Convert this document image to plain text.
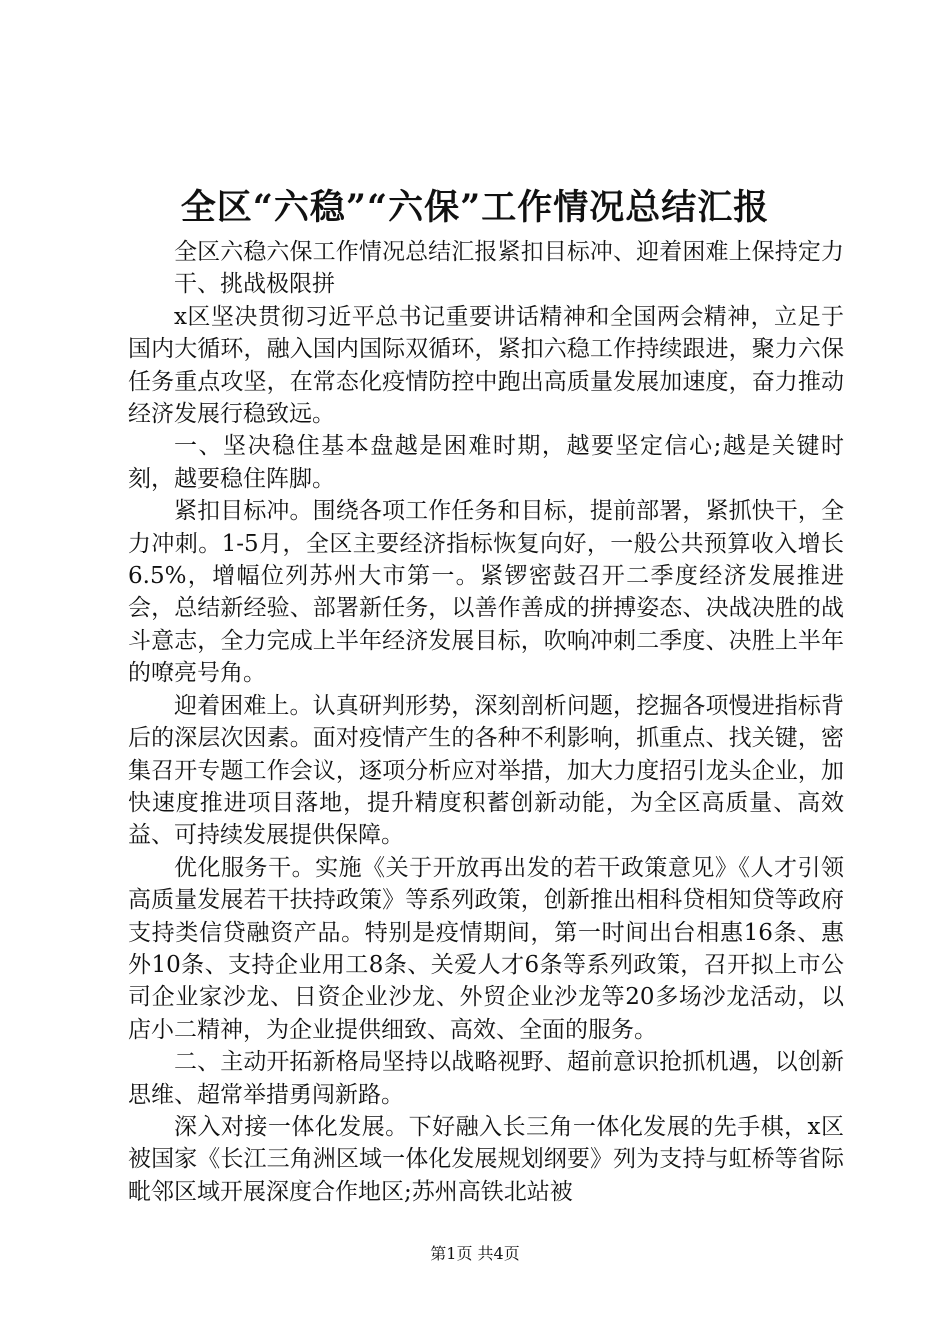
全区“六稳”“六保”工作情况总结汇报

全区六稳六保工作情况总结汇报紧扣目标冲、迎着困难上保持定力干、挑战极限拼

x区坚决贯彻习近平总书记重要讲话精神和全国两会精神，立足于国内大循环，融入国内国际双循环，紧扣六稳工作持续跟进，聚力六保任务重点攻坚，在常态化疫情防控中跑出高质量发展加速度，奋力推动经济发展行稳致远。

一、坚决稳住基本盘越是困难时期，越要坚定信心;越是关键时刻，越要稳住阵脚。

紧扣目标冲。围绕各项工作任务和目标，提前部署，紧抓快干，全力冲刺。1-5月，全区主要经济指标恢复向好，一般公共预算收入增长6.5%，增幅位列苏州大市第一。紧锣密鼓召开二季度经济发展推进会，总结新经验、部署新任务，以善作善成的拼搏姿态、决战决胜的战斗意志，全力完成上半年经济发展目标，吹响冲刺二季度、决胜上半年的嘹亮号角。

迎着困难上。认真研判形势，深刻剖析问题，挖掘各项慢进指标背后的深层次因素。面对疫情产生的各种不利影响，抓重点、找关键，密集召开专题工作会议，逐项分析应对举措，加大力度招引龙头企业，加快速度推进项目落地，提升精度积蓄创新动能，为全区高质量、高效益、可持续发展提供保障。

优化服务干。实施《关于开放再出发的若干政策意见》《人才引领高质量发展若干扶持政策》等系列政策，创新推出相科贷相知贷等政府支持类信贷融资产品。特别是疫情期间，第一时间出台相惠16条、惠外10条、支持企业用工8条、关爱人才6条等系列政策，召开拟上市公司企业家沙龙、日资企业沙龙、外贸企业沙龙等20多场沙龙活动，以店小二精神，为企业提供细致、高效、全面的服务。

二、主动开拓新格局坚持以战略视野、超前意识抢抓机遇，以创新思维、超常举措勇闯新路。

深入对接一体化发展。下好融入长三角一体化发展的先手棋，x区被国家《长江三角洲区域一体化发展规划纲要》列为支持与虹桥等省际毗邻区域开展深度合作地区;苏州高铁北站被

第1页 共4页
